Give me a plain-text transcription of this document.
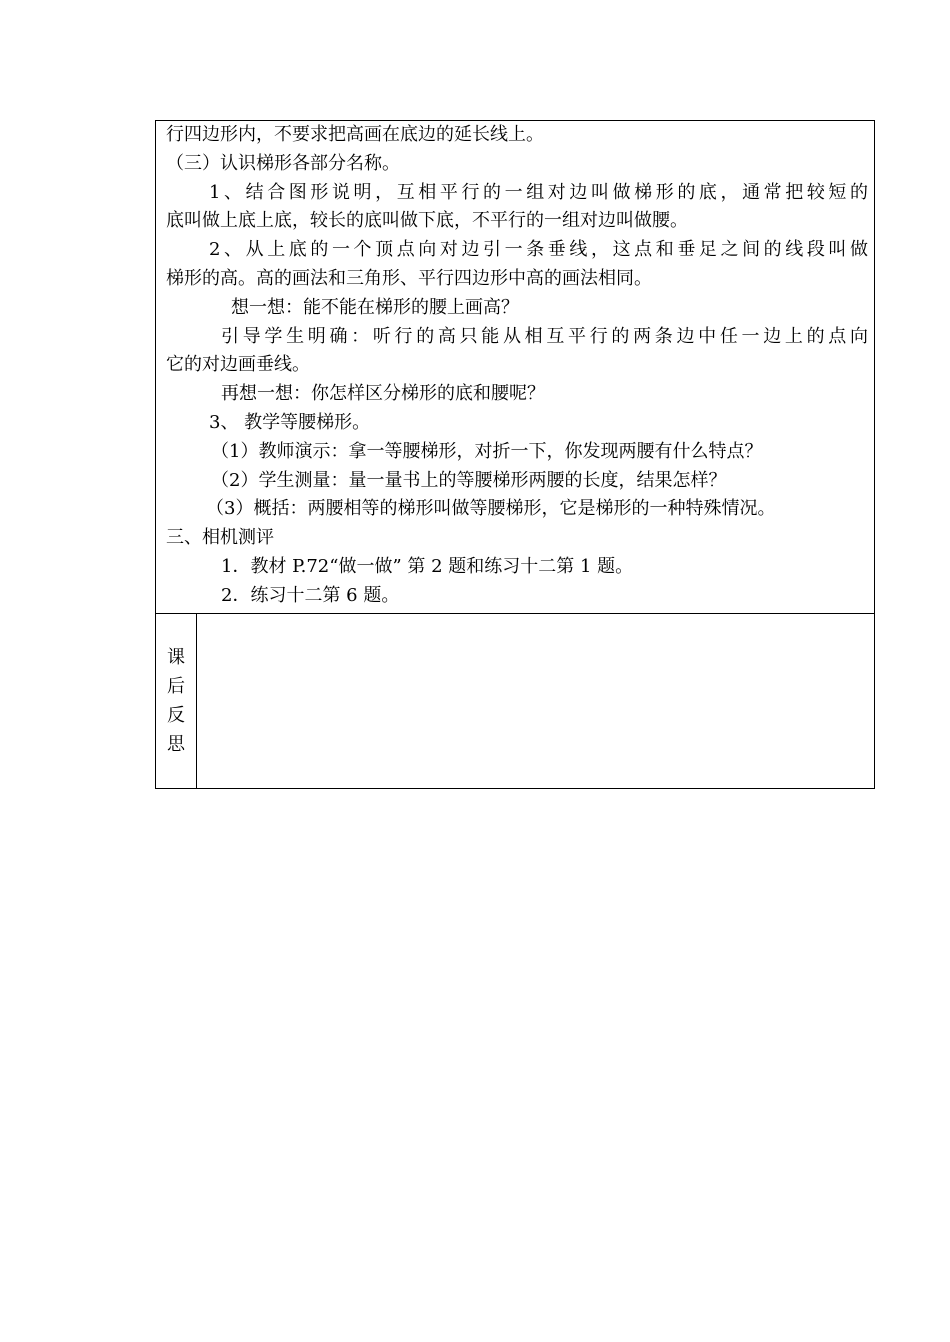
行四边形内，不要求把高画在底边的延长线上。
（三）认识梯形各部分名称。
1、结合图形说明，互相平行的一组对边叫做梯形的底，通常把较短的
底叫做上底上底，较长的底叫做下底，不平行的一组对边叫做腰。
2、从上底的一个顶点向对边引一条垂线，这点和垂足之间的线段叫做
梯形的高。高的画法和三角形、平行四边形中高的画法相同。
想一想：能不能在梯形的腰上画高？
引导学生明确：听行的高只能从相互平行的两条边中任一边上的点向
它的对边画垂线。
再想一想：你怎样区分梯形的底和腰呢？
3、 教学等腰梯形。
（1）教师演示：拿一等腰梯形，对折一下，你发现两腰有什么特点？
（2）学生测量：量一量书上的等腰梯形两腰的长度，结果怎样？
（3）概括：两腰相等的梯形叫做等腰梯形，它是梯形的一种特殊情况。
三、相机测评
1．教材 P.72“做一做” 第 2 题和练习十二第 1 题。
2．练习十二第 6 题。
课
后
反
思
